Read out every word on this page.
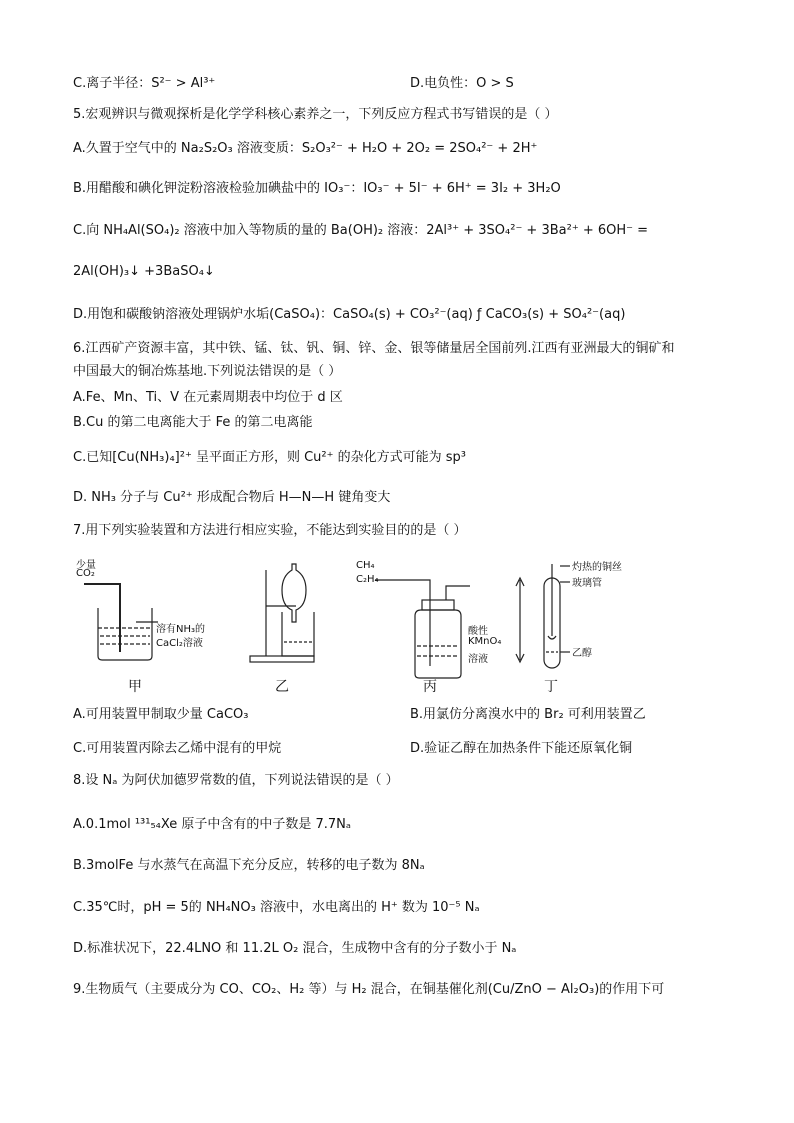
C.离子半径：S²⁻ > Al³⁺	D.电负性：O > S
5.宏观辨识与微观探析是化学学科核心素养之一，下列反应方程式书写错误的是（ ）
A.久置于空气中的 Na₂S₂O₃ 溶液变质：S₂O₃²⁻ + H₂O + 2O₂ = 2SO₄²⁻ + 2H⁺
B.用醋酸和碘化钾淀粉溶液检验加碘盐中的 IO₃⁻：IO₃⁻ + 5I⁻ + 6H⁺ = 3I₂ + 3H₂O
C.向 NH₄Al(SO₄)₂ 溶液中加入等物质的量的 Ba(OH)₂ 溶液：2Al³⁺ + 3SO₄²⁻ + 3Ba²⁺ + 6OH⁻ =
2Al(OH)₃↓ +3BaSO₄↓
D.用饱和碳酸钠溶液处理锅炉水垢(CaSO₄)：CaSO₄(s) + CO₃²⁻(aq) ƒ CaCO₃(s) + SO₄²⁻(aq)
6.江西矿产资源丰富，其中铁、锰、钛、钒、铜、锌、金、银等储量居全国前列.江西有亚洲最大的铜矿和
中国最大的铜冶炼基地.下列说法错误的是（ ）
A.Fe、Mn、Ti、V 在元素周期表中均位于 d 区
B.Cu 的第二电离能大于 Fe 的第二电离能
C.已知[Cu(NH₃)₄]²⁺ 呈平面正方形，则 Cu²⁺ 的杂化方式可能为 sp³
D. NH₃ 分子与 Cu²⁺ 形成配合物后 H—N—H 键角变大
7.用下列实验装置和方法进行相应实验，不能达到实验目的的是（ ）
少量
CO₂
溶有NH₃的
CaCl₂溶液
CH₄
C₂H₄
酸性
KMnO₄
溶液
灼热的铜丝
玻璃管
乙醇
甲	乙	丙	丁
A.可用装置甲制取少量 CaCO₃	B.用氯仿分离溴水中的 Br₂ 可利用装置乙
C.可用装置丙除去乙烯中混有的甲烷	D.验证乙醇在加热条件下能还原氧化铜
8.设 Nₐ 为阿伏加德罗常数的值，下列说法错误的是（ ）
A.0.1mol ¹³¹₅₄Xe 原子中含有的中子数是 7.7Nₐ
B.3molFe 与水蒸气在高温下充分反应，转移的电子数为 8Nₐ
C.35℃时，pH = 5的 NH₄NO₃ 溶液中，水电离出的 H⁺ 数为 10⁻⁵ Nₐ
D.标准状况下，22.4LNO 和 11.2L O₂ 混合，生成物中含有的分子数小于 Nₐ
9.生物质气（主要成分为 CO、CO₂、H₂ 等）与 H₂ 混合，在铜基催化剂(Cu/ZnO − Al₂O₃)的作用下可
